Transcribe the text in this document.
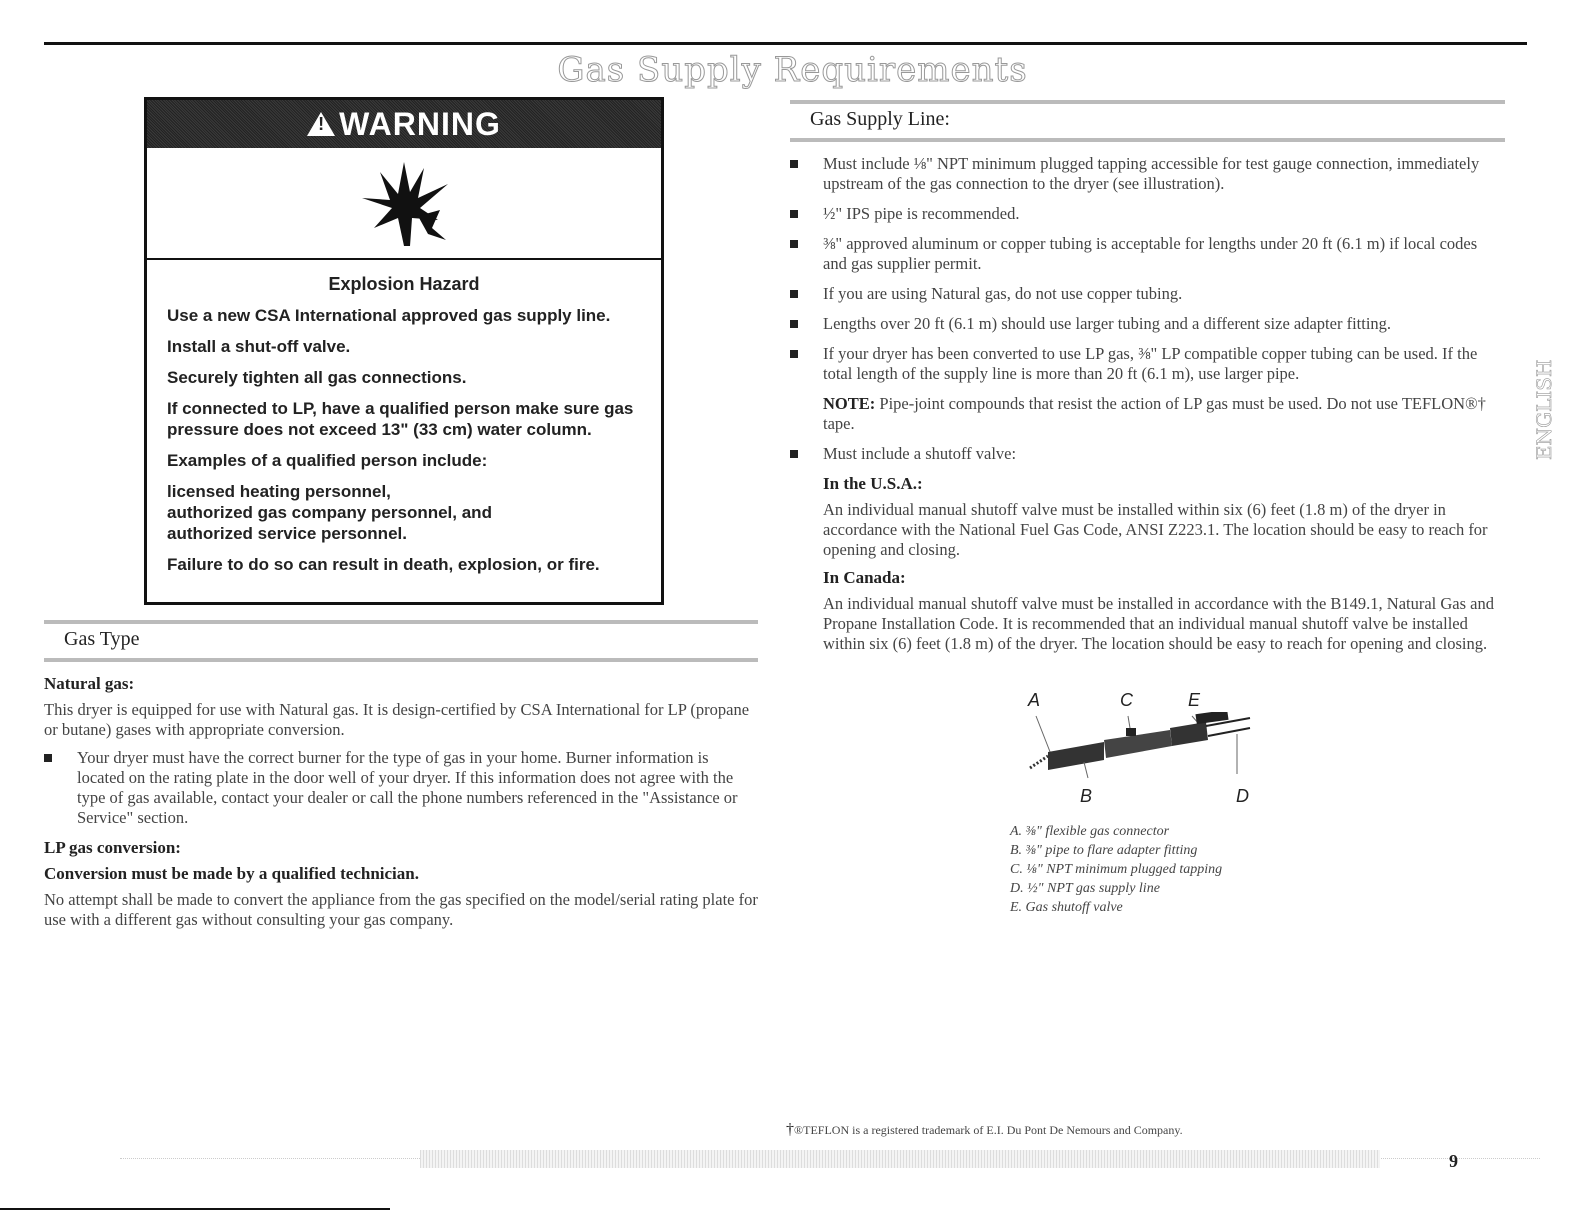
Gas Supply Requirements
!
WARNING
Explosion Hazard

Use a new CSA International approved gas supply line.

Install a shut-off valve.

Securely tighten all gas connections.

If connected to LP, have a qualified person make sure gas pressure does not exceed 13" (33 cm) water column.

Examples of a qualified person include:

licensed heating personnel,

authorized gas company personnel, and

authorized service personnel.

Failure to do so can result in death, explosion, or fire.

Gas Type
Natural gas:

This dryer is equipped for use with Natural gas. It is design-certified by CSA International for LP (propane or butane) gases with appropriate conversion.

Your dryer must have the correct burner for the type of gas in your home. Burner information is located on the rating plate in the door well of your dryer. If this information does not agree with the type of gas available, contact your dealer or call the phone numbers referenced in the "Assistance or Service" section.
LP gas conversion:
Conversion must be made by a qualified technician.

No attempt shall be made to convert the appliance from the gas specified on the model/serial rating plate for use with a different gas without consulting your gas company.

Gas Supply Line:
Must include ⅛" NPT minimum plugged tapping accessible for test gauge connection, immediately upstream of the gas connection to the dryer (see illustration).
½" IPS pipe is recommended.
⅜" approved aluminum or copper tubing is acceptable for lengths under 20 ft (6.1 m) if local codes and gas supplier permit.
If you are using Natural gas, do not use copper tubing.
Lengths over 20 ft (6.1 m) should use larger tubing and a different size adapter fitting.
If your dryer has been converted to use LP gas, ⅜" LP compatible copper tubing can be used. If the total length of the supply line is more than 20 ft (6.1 m), use larger pipe.
NOTE: Pipe-joint compounds that resist the action of LP gas must be used. Do not use TEFLON®† tape.
Must include a shutoff valve:
In the U.S.A.:

An individual manual shutoff valve must be installed within six (6) feet (1.8 m) of the dryer in accordance with the National Fuel Gas Code, ANSI Z223.1. The location should be easy to reach for opening and closing.

In Canada:

An individual manual shutoff valve must be installed in accordance with the B149.1, Natural Gas and Propane Installation Code. It is recommended that an individual manual shutoff valve be installed within six (6) feet (1.8 m) of the dryer. The location should be easy to reach for opening and closing.

A	C	E
B	D
A. ⅜" flexible gas connector
B. ⅜" pipe to flare adapter fitting
C. ⅛" NPT minimum plugged tapping
D. ½" NPT gas supply line
E. Gas shutoff valve
ENGLISH
†®TEFLON is a registered trademark of E.I. Du Pont De Nemours and Company.
9
